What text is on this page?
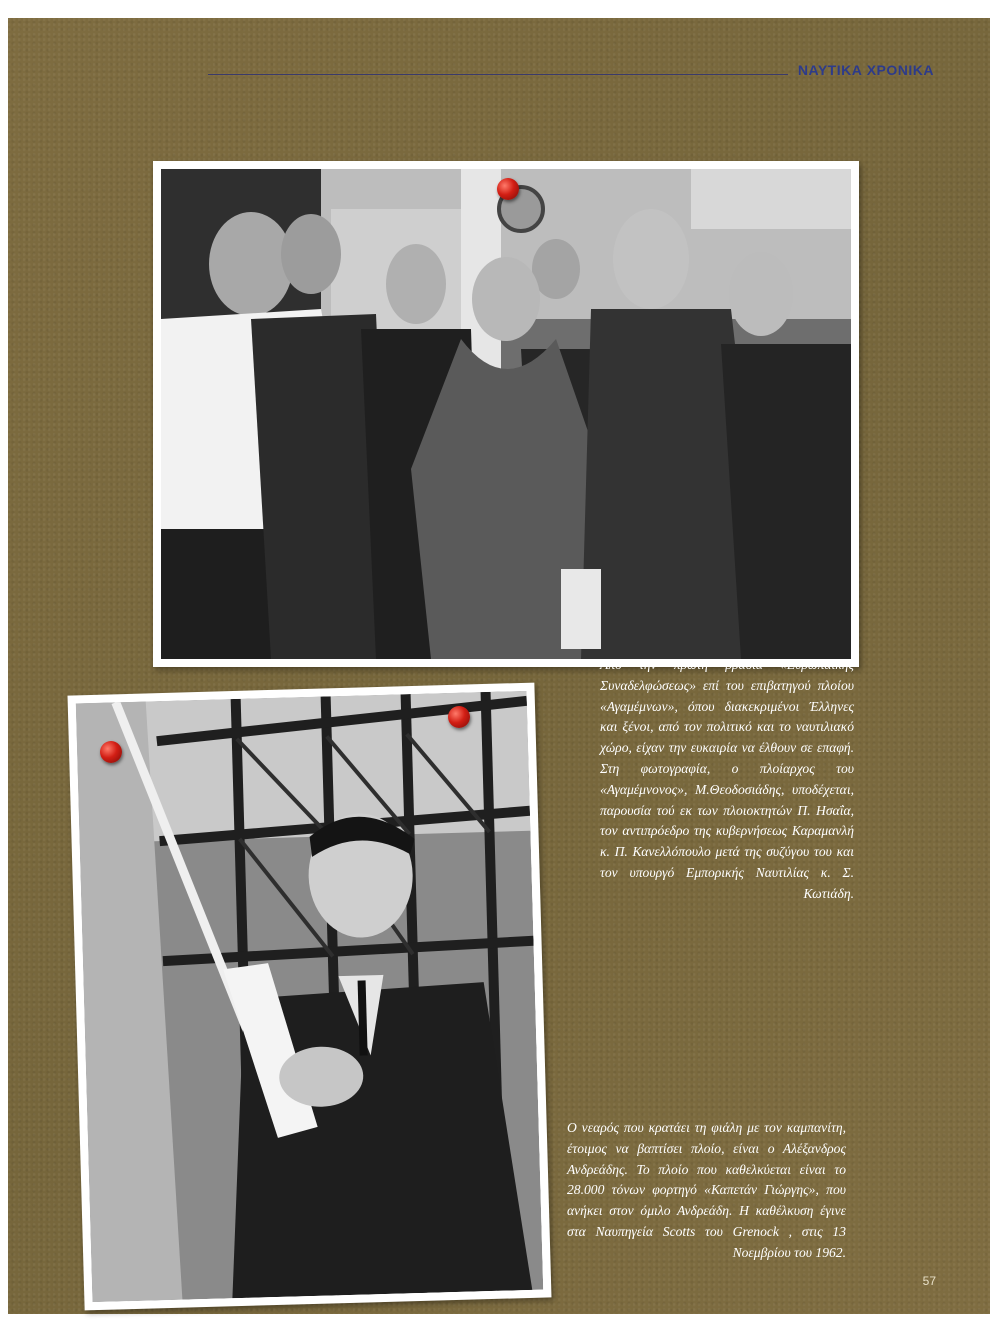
ΝΑΥΤΙΚΑ ΧΡΟΝΙΚΑ
Από την πρώτη βραδιά «Ευρωπαϊκής Συναδελφώσεως» επί του επιβατηγού πλοίου «Αγαμέμνων», όπου διακεκριμένοι Έλληνες και ξένοι, από τον πολιτικό και το ναυτιλιακό χώρο, είχαν την ευκαιρία να έλθουν σε επαφή. Στη φωτογραφία, ο πλοίαρχος του «Αγαμέμνονος», Μ.Θεοδοσιάδης, υποδέχεται, παρουσία τού εκ των πλοιοκτητών Π. Ησαΐα, τον αντιπρόεδρο της κυβερνήσεως Καραμανλή κ. Π. Κανελλόπουλο μετά της συζύγου του και τον υπουργό Εμπορικής Ναυτιλίας κ. Σ. Κωτιάδη.
Ο νεαρός που κρατάει τη φιάλη με τον καμπανίτη, έτοιμος να βαπτίσει πλοίο, είναι ο Αλέξανδρος Ανδρεάδης. Το πλοίο που καθελκύεται είναι το 28.000 τόνων φορτηγό «Καπετάν Γιώργης», που ανήκει στον όμιλο Ανδρεάδη. Η καθέλκυση έγινε στα Ναυπηγεία Scotts του Grenock , στις 13 Νοεμβρίου του 1962.
57
